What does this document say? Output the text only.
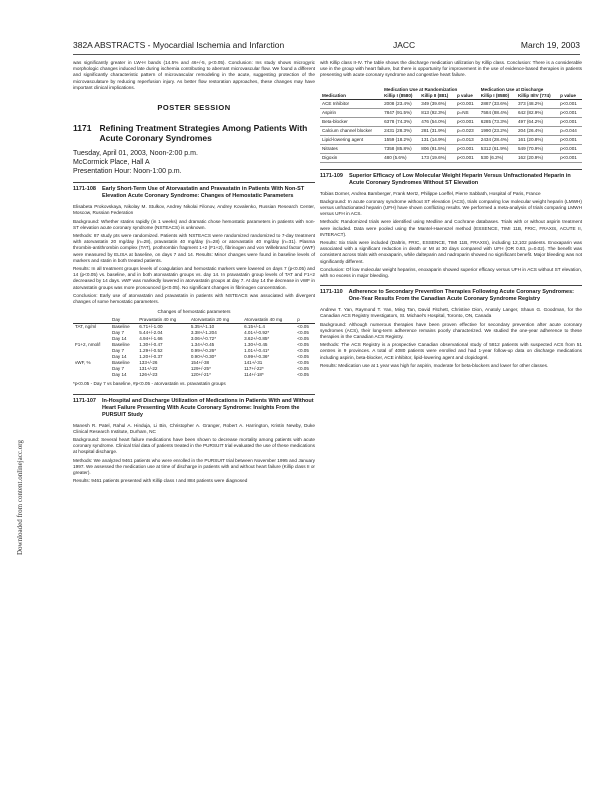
382A ABSTRACTS - Myocardial Ischemia and Infarction	JACC	March 19, 2003
Downloaded from content.onlinejacc.org

was significantly greater in LW-H bands (14.5% and 46+/-5, p<0.05). Conclusion: Ins study shows microgyric morphologic changes induced late during ischemia contributing to aberrant microvascular flow. We found a different and significantly characteristic pattern of microvascular remodeling in the acute, suggesting protection of the microvasculature by reducing reperfusion injury. As better flow restoration approaches, these changes may have important clinical implications.

POSTER SESSION
1171 Refining Treatment Strategies Among Patients With Acute Coronary Syndromes
Tuesday, April 01, 2003, Noon-2:00 p.m.
McCormick Place, Hall A
Presentation Hour: Noon-1:00 p.m.
1171-108 Early Short-Term Use of Atorvastatin and Pravastatin in Patients With Non-ST Elevation Acute Coronary Syndrome: Changes of Hemostatic Parameters

Elisabeta Prokovskaya, Nikolay M. Stulkov, Andrey Nikolai Filonov, Andrey Kovalenko, Russian Research Center, Moscow, Russian Federation

Background: Whether statins rapidly (in 1 weeks) and dramatic chose hemostatic parameters in patients with non-ST elevation acute coronary syndrome (NSTEACS) is unknown.

Methods: 87 study pts were randomized. Patients with NSTEACS were randomized randomized to 7-day treatment with atorvastatin 20 mg/day (n=28), pravastatin 40 mg/day (n=28) or atorvastatin 40 mg/day (n=31). Plasma thrombin-antithrombin complex (TAT), prothrombin fragment 1+2 (F1+2), fibrinogen and von Willebrand factor (vWF) were measured by ELISA at baseline, on days 7 and 14. Results: Minor changes were found in baseline levels of markers and statin in both treated patients.

Results: In all treatment groups levels of coagulation and hemostatic markers were lowered on days 7 (p<0.05) and 14 (p<0.05) vs. baseline, and in both atorvastatin groups vs. day 14. In pravastatin group levels of TAT and F1+2 decreased by 14 days. vWF was markedly lowered in atorvastatin groups at day 7. At day 14 the decrease in vWF in atorvastatin groups was more pronounced (p<0.05). No significant changes in fibrinogen concentration.

Conclusion: Early use of atorvastatin and pravastatin in patients with NSTEACS was associated with divergent changes of some hemostatic parameters.

Changes of hemostatic parameters
	Day	Pravastatin 40 mg	Atorvastatin 20 mg	Atorvastatin 40 mg	p
TAT, ng/ml	Baseline	6.71+/-1.00	5.35+/-1.10	6.15+/-1.4	<0.05
	Day 7	5.44+/-2.04	3.38+/-1.204	4.01+/-0.92*	<0.05
	Day 14	4.94+/-1.66	3.06+/-0.72*	3.62+/-0.85*	<0.05
F1+2, nmol/l	Baseline	1.30+/-0.47	1.34+/-0.45	1.30+/-0.45	<0.05
	Day 7	1.29+/-0.52	0.99+/-0.26*	1.01+/-0.41*	<0.05
	Day 14	1.20+/-0.37	0.90+/-0.30*	0.99+/-0.36*	<0.05
vWF, %	Baseline	133+/-26	154+/-38	141+/-31	<0.05
	Day 7	131+/-22	129+/-25*	117+/-22*	<0.05
	Day 14	126+/-23	120+/-21*	114+/-18*	<0.05

*p<0.05 - Day 7 vs baseline, #p<0.05 - atorvastatin vs. pravastatin groups

1171-107 In-Hospital and Discharge Utilization of Medications in Patients With and Without Heart Failure Presenting With Acute Coronary Syndrome: Insights From the PURSUIT Study

Manesh R. Patel, Rahul A. Hinduja, Li Bin, Christopher A. Granger, Robert A. Harrington, Kristin Newby, Duke Clinical Research Institute, Durham, NC

Background: Several heart failure medications have been shown to decrease mortality among patients with acute coronary syndrome. Clinical trial data of patients treated in the PURSUIT trial evaluated the use of these medications at hospital discharge.

Methods: We analyzed 9461 patients who were enrolled in the PURSUIT trial between November 1995 and January 1997. We assessed the medication use at time of discharge in patients with and without heart failure (Killip class II or greater).

Results: 9461 patients presented with Killip class I and 884 patients were diagnosed

with Killip class II-IV. The table shows the discharge medication utilization by Killip class. Conclusion: There is a considerable use in the group with heart failure, but there is opportunity for improvement in the use of evidence-based therapies in patients presenting with acute coronary syndrome and congestive heart failure.

	Medication Use at Randomization			Medication Use at Discharge		
Medication	Killip I (8580)	Killip II (881)	p value	Killip I (8580)	Killip II/IV (774)	p value
ACE Inhibitor	2008 (23.4%)	349 (39.6%)	p<0.001	2887 (33.6%)	373 (48.2%)	p<0.001
Aspirin	7847 (91.5%)	813 (92.3%)	p=NS	7584 (88.4%)	642 (82.9%)	p<0.001
Beta-blocker	6378 (74.3%)	476 (54.0%)	p<0.001	6285 (73.3%)	497 (64.2%)	p<0.001
Calcium channel blocker	2431 (28.3%)	281 (31.9%)	p=0.023	1990 (23.2%)	204 (26.4%)	p=0.044
Lipid-lowering agent	1559 (18.2%)	131 (14.9%)	p=0.013	2434 (28.4%)	161 (20.8%)	p<0.001
Nitrates	7358 (85.8%)	806 (91.5%)	p<0.001	5312 (61.9%)	549 (70.9%)	p<0.001
Digoxin	480 (5.6%)	173 (19.6%)	p<0.001	530 (6.2%)	162 (20.9%)	p<0.001
1171-109 Superior Efficacy of Low Molecular Weight Heparin Versus Unfractionated Heparin in Acute Coronary Syndromes Without ST Elevation

Tobias Dorner, Andrea Bamberger, Frank Mertz, Philippe Loeffel, Pierre Sabbath, Hospital of Paris, France

Background: In acute coronary syndrome without ST elevation (ACS), trials comparing low molecular weight heparin (LMWH) versus unfractionated heparin (UFH) have shown conflicting results. We performed a meta-analysis of trials comparing LMWH versus UFH in ACS.

Methods: Randomized trials were identified using Medline and Cochrane databases. Trials with or without aspirin treatment were included. Data were pooled using the Mantel-Haenszel method (ESSENCE, TIMI 11B, FRIC, FRAXIS, ACUTE II, INTERACT).

Results: Six trials were included (Daltrin, FRIC, ESSENCE, TIMI 11B, FRAXIS), including 12,102 patients. Enoxaparin was associated with a significant reduction in death or MI at 30 days compared with UFH (OR 0.83, p=0.02). The benefit was consistent across trials with enoxaparin, while dalteparin and nadroparin showed no significant benefit. Major bleeding was not significantly different.

Conclusion: Of low molecular weight heparins, enoxaparin showed superior efficacy versus UFH in ACS without ST elevation, with no excess in major bleeding.

1171-110 Adherence to Secondary Prevention Therapies Following Acute Coronary Syndromes: One-Year Results From the Canadian Acute Coronary Syndrome Registry

Andrew T. Yan, Raymond T. Yan, Ming Tan, David Fitchett, Christine Dion, Anatoly Langer, Shaun G. Goodman, for the Canadian ACS Registry Investigators, St. Michael's Hospital, Toronto, ON, Canada

Background: Although numerous therapies have been proven effective for secondary prevention after acute coronary syndromes (ACS), their long-term adherence remains poorly characterized. We studied the one-year adherence to these therapies in the Canadian ACS Registry.

Methods: The ACS Registry is a prospective Canadian observational study of 5812 patients with suspected ACS from 51 centres in 9 provinces. A total of 4080 patients were enrolled and had 1-year follow-up data on discharge medications including aspirin, beta-blocker, ACE inhibitor, lipid-lowering agent and clopidogrel.

Results: Medication use at 1 year was high for aspirin, moderate for beta-blockers and lower for other classes.
